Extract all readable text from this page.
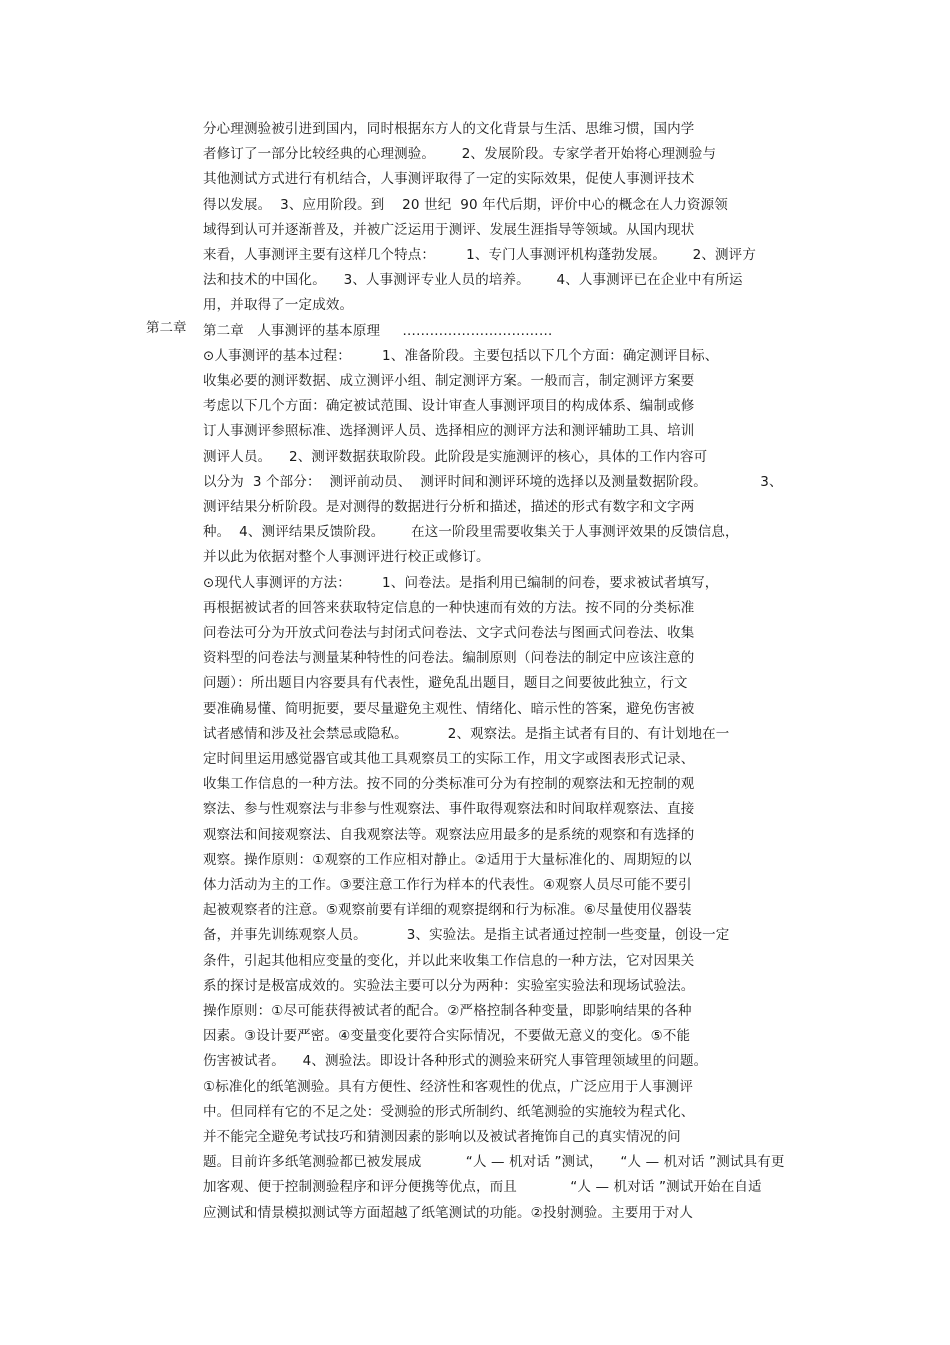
第二章
分心理测验被引进到国内，同时根据东方人的文化背景与生活、思维习惯，国内学
者修订了一部分比较经典的心理测验。      2、发展阶段。专家学者开始将心理测验与
其他测试方式进行有机结合，人事测评取得了一定的实际效果，促使人事测评技术
得以发展。  3、应用阶段。到    20 世纪  90 年代后期，评价中心的概念在人力资源领
域得到认可并逐渐普及，并被广泛运用于测评、发展生涯指导等领域。从国内现状
来看，人事测评主要有这样几个特点：       1、专门人事测评机构蓬勃发展。      2、测评方
法和技术的中国化。    3、人事测评专业人员的培养。      4、人事测评已在企业中有所运
用，并取得了一定成效。
第二章   人事测评的基本原理     ……………………………
⊙人事测评的基本过程：       1、准备阶段。主要包括以下几个方面：确定测评目标、
收集必要的测评数据、成立测评小组、制定测评方案。一般而言，制定测评方案要
考虑以下几个方面：确定被试范围、设计审查人事测评项目的构成体系、编制或修
订人事测评参照标准、选择测评人员、选择相应的测评方法和测评辅助工具、培训
测评人员。    2、测评数据获取阶段。此阶段是实施测评的核心，具体的工作内容可
以分为  3 个部分：  测评前动员、  测评时间和测评环境的选择以及测量数据阶段。            3、
测评结果分析阶段。是对测得的数据进行分析和描述，描述的形式有数字和文字两
种。  4、测评结果反馈阶段。      在这一阶段里需要收集关于人事测评效果的反馈信息，
并以此为依据对整个人事测评进行校正或修订。
⊙现代人事测评的方法：       1、问卷法。是指利用已编制的问卷，要求被试者填写，
再根据被试者的回答来获取特定信息的一种快速而有效的方法。按不同的分类标准
问卷法可分为开放式问卷法与封闭式问卷法、文字式问卷法与图画式问卷法、收集
资料型的问卷法与测量某种特性的问卷法。编制原则（问卷法的制定中应该注意的
问题）：所出题目内容要具有代表性，避免乱出题目，题目之间要彼此独立，行文
要准确易懂、简明扼要，要尽量避免主观性、情绪化、暗示性的答案，避免伤害被
试者感情和涉及社会禁忌或隐私。         2、观察法。是指主试者有目的、有计划地在一
定时间里运用感觉器官或其他工具观察员工的实际工作，用文字或图表形式记录、
收集工作信息的一种方法。按不同的分类标准可分为有控制的观察法和无控制的观
察法、参与性观察法与非参与性观察法、事件取得观察法和时间取样观察法、直接
观察法和间接观察法、自我观察法等。观察法应用最多的是系统的观察和有选择的
观察。操作原则：①观察的工作应相对静止。②适用于大量标准化的、周期短的以
体力活动为主的工作。③要注意工作行为样本的代表性。④观察人员尽可能不要引
起被观察者的注意。⑤观察前要有详细的观察提纲和行为标准。⑥尽量使用仪器装
备，并事先训练观察人员。         3、实验法。是指主试者通过控制一些变量，创设一定
条件，引起其他相应变量的变化，并以此来收集工作信息的一种方法，它对因果关
系的探讨是极富成效的。实验法主要可以分为两种：实验室实验法和现场试验法。
操作原则：①尽可能获得被试者的配合。②严格控制各种变量，即影响结果的各种
因素。③设计要严密。④变量变化要符合实际情况，不要做无意义的变化。⑤不能
伤害被试者。    4、测验法。即设计各种形式的测验来研究人事管理领域里的问题。
①标准化的纸笔测验。具有方便性、经济性和客观性的优点，广泛应用于人事测评
中。但同样有它的不足之处：受测验的形式所制约、纸笔测验的实施较为程式化、
并不能完全避免考试技巧和猜测因素的影响以及被试者掩饰自己的真实情况的问
题。目前许多纸笔测验都已被发展成          “人 — 机对话 ”测试，    “人 — 机对话 ”测试具有更
加客观、便于控制测验程序和评分便携等优点，而且            “人 — 机对话 ”测试开始在自适
应测试和情景模拟测试等方面超越了纸笔测试的功能。②投射测验。主要用于对人
